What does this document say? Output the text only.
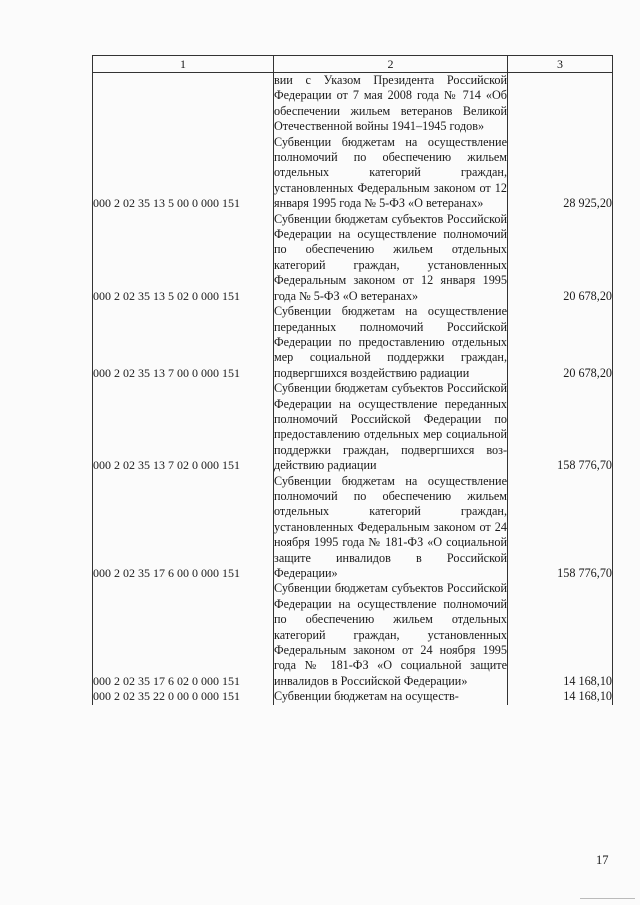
1	2	3

	вии с Указом Президента Российской Федерации от 7 мая 2008 года № 714 «Об обеспечении жильем ветеранов Великой Отечественной войны 1941–1945 годов»	

000 2 02 35 13 5 00 0 000 151	Субвенции бюджетам на осуществление полномочий по обеспечению жильем отдельных категорий граждан, установленных Федеральным законом от 12 января 1995 года № 5-ФЗ «О ветеранах»	28 925,20
000 2 02 35 13 5 02 0 000 151	Субвенции бюджетам субъектов Российской Федерации на осуществление полномочий по обеспечению жильем отдельных категорий граждан, установленных Федеральным законом от 12 января 1995 года № 5-ФЗ «О ветеранах»	20 678,20
000 2 02 35 13 7 00 0 000 151	Субвенции бюджетам на осуществление переданных полномочий Российской Федерации по предоставлению отдельных мер социальной поддержки граждан, подвергшихся воздействию радиации	20 678,20
000 2 02 35 13 7 02 0 000 151	Субвенции бюджетам субъектов Российской Федерации на осуществление переданных полномочий Российской Федерации по предоставлению отдельных мер социальной поддержки граждан, подвергшихся воздействию радиации	158 776,70
000 2 02 35 17 6 00 0 000 151	Субвенции бюджетам на осуществление полномочий по обеспечению жильем отдельных категорий граждан, установленных Федеральным законом от 24 ноября 1995 года № 181-ФЗ «О социальной защите инвалидов в Российской Федерации»	158 776,70
000 2 02 35 17 6 02 0 000 151	Субвенции бюджетам субъектов Российской Федерации на осуществление полномочий по обеспечению жильем отдельных категорий граждан, установленных Федеральным законом от 24 ноября 1995 года № 181-ФЗ «О социальной защите инвалидов в Российской Федерации»	14 168,10
000 2 02 35 22 0 00 0 000 151	Субвенции бюджетам на осуществ-	14 168,10
17
